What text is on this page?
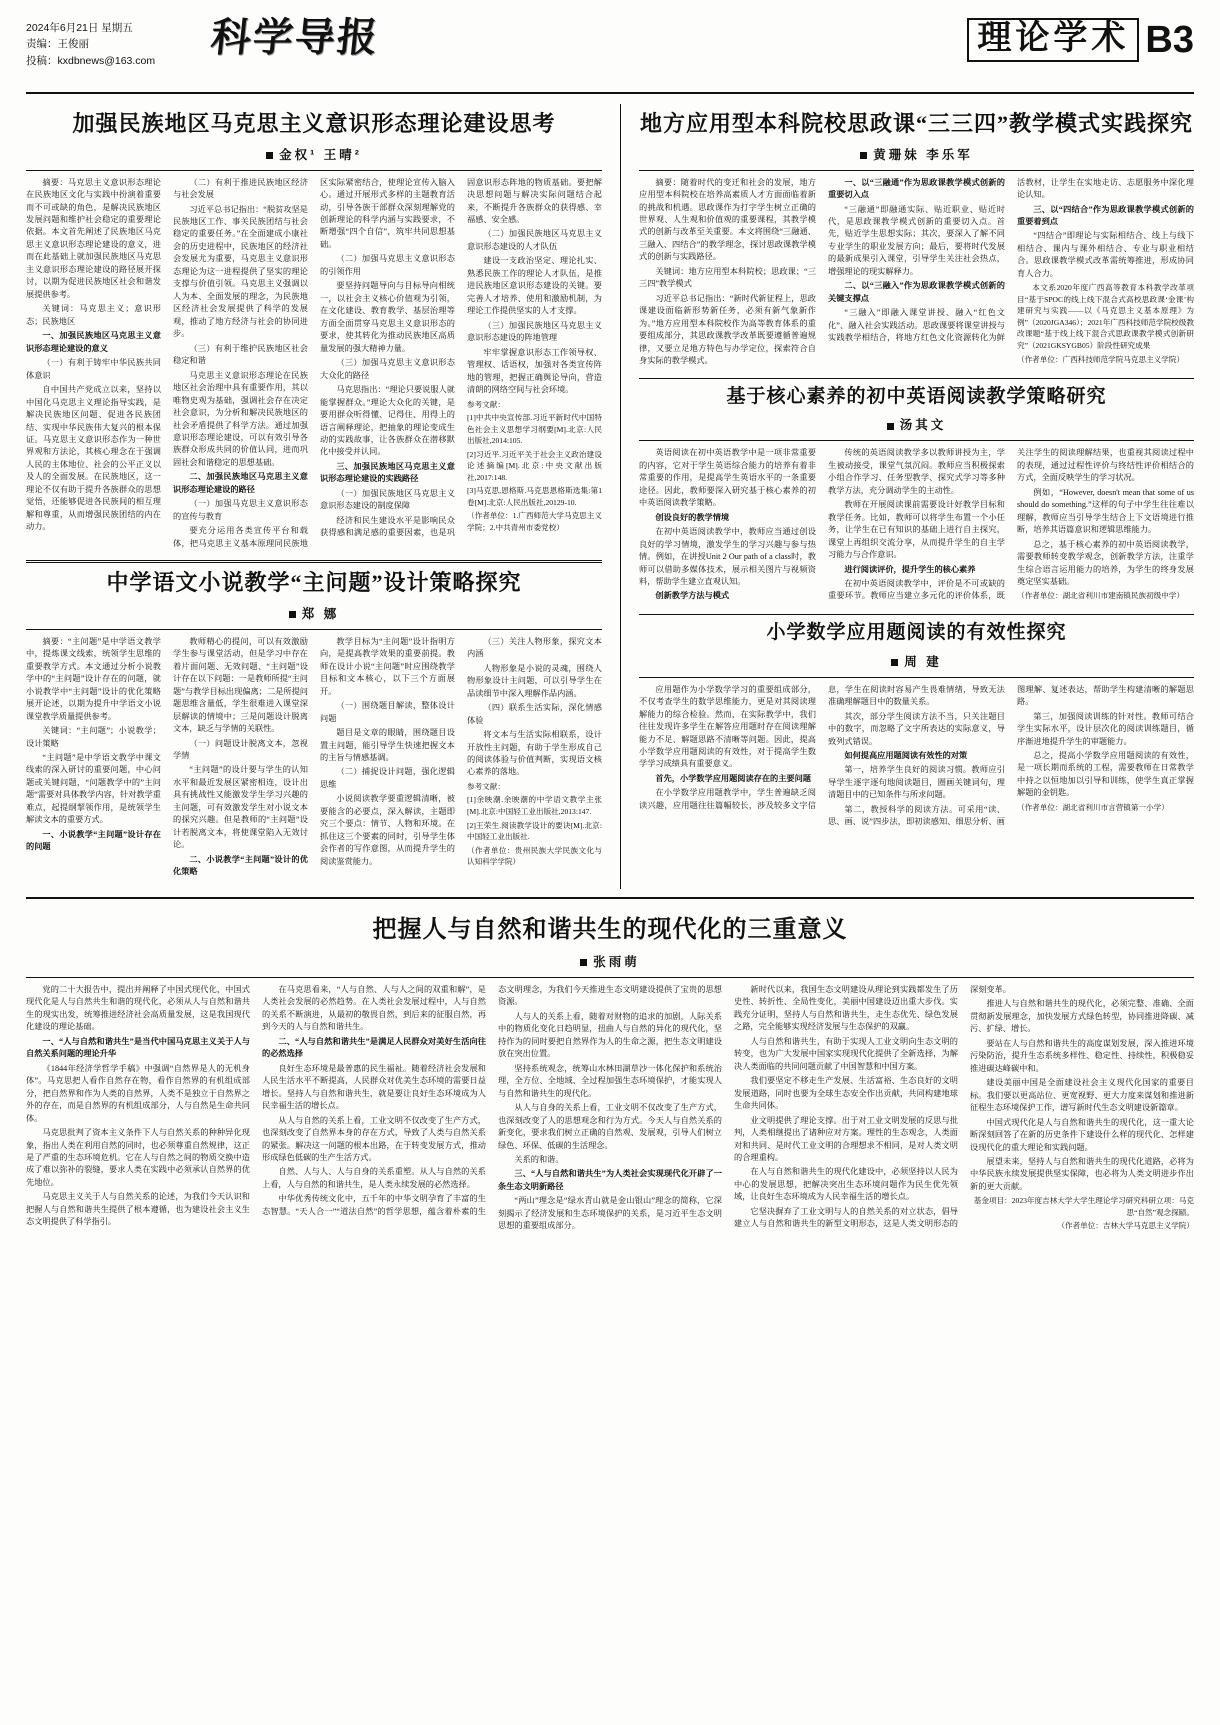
2024年6月21日 星期五
责编：王俊丽
投稿：kxdbnews@163.com
科学导报	理论学术 B3
加强民族地区马克思主义意识形态理论建设思考
金权¹ 王晴²

摘要：马克思主义意识形态理论在民族地区文化与实践中扮演着重要而不可或缺的角色，是解决民族地区发展问题和维护社会稳定的重要理论依据。本文首先阐述了民族地区马克思主义意识形态理论建设的意义，进而在此基础上就加强民族地区马克思主义意识形态理论建设的路径展开探讨，以期为促进民族地区社会和谐发展提供参考。

关键词：马克思主义；意识形态；民族地区

一、加强民族地区马克思主义意识形态理论建设的意义

（一）有利于铸牢中华民族共同体意识

自中国共产党成立以来，坚持以中国化马克思主义理论指导实践，是解决民族地区问题、促进各民族团结、实现中华民族伟大复兴的根本保证。马克思主义意识形态作为一种世界观和方法论，其核心理念在于强调人民的主体地位、社会的公平正义以及人的全面发展。在民族地区，这一理论不仅有助于提升各族群众的思想觉悟，还能够促进各民族间的相互理解和尊重，从而增强民族团结的内在动力。

（二）有利于推进民族地区经济与社会发展

习近平总书记指出：“脱贫攻坚是民族地区工作、事关民族团结与社会稳定的重要任务。”在全面建成小康社会的历史进程中，民族地区的经济社会发展尤为重要，马克思主义意识形态理论为这一进程提供了坚实的理论支撑与价值引领。马克思主义强调以人为本、全面发展的理念，为民族地区经济社会发展提供了科学的发展观，推动了地方经济与社会的协同进步。

（三）有利于维护民族地区社会稳定和谐

马克思主义意识形态理论在民族地区社会治理中具有重要作用，其以唯物史观为基础，强调社会存在决定社会意识，为分析和解决民族地区的社会矛盾提供了科学方法。通过加强意识形态理论建设，可以有效引导各族群众形成共同的价值认同，进而巩固社会和谐稳定的思想基础。

二、加强民族地区马克思主义意识形态理论建设的路径

（一）加强马克思主义意识形态的宣传与教育

要充分运用各类宣传平台和载体，把马克思主义基本原理同民族地区实际紧密结合，使理论宣传入脑入心。通过开展形式多样的主题教育活动，引导各族干部群众深刻理解党的创新理论的科学内涵与实践要求，不断增强“四个自信”，筑牢共同思想基础。

（二）加强马克思主义意识形态的引领作用

要坚持问题导向与目标导向相统一，以社会主义核心价值观为引领，在文化建设、教育教学、基层治理等方面全面贯穿马克思主义意识形态的要求，使其转化为推动民族地区高质量发展的强大精神力量。

（三）加强马克思主义意识形态大众化的路径

马克思指出：“理论只要说服人就能掌握群众。”理论大众化的关键，是要用群众听得懂、记得住、用得上的语言阐释理论，把抽象的理论变成生动的实践故事，让各族群众在潜移默化中接受并认同。

三、加强民族地区马克思主义意识形态理论建设的实践路径

（一）加强民族地区马克思主义意识形态建设的制度保障

经济和民生建设水平是影响民众获得感和满足感的重要因素，也是巩固意识形态阵地的物质基础。要把解决思想问题与解决实际问题结合起来，不断提升各族群众的获得感、幸福感、安全感。

（二）加强民族地区马克思主义意识形态建设的人才队伍

建设一支政治坚定、理论扎实、熟悉民族工作的理论人才队伍，是推进民族地区意识形态建设的关键。要完善人才培养、使用和激励机制，为理论工作提供坚实的人才支撑。

（三）加强民族地区马克思主义意识形态建设的阵地管理

牢牢掌握意识形态工作领导权、管理权、话语权，加强对各类宣传阵地的管理，把握正确舆论导向，营造清朗的网络空间与社会环境。

参考文献：

[1]中共中央宣传部.习近平新时代中国特色社会主义思想学习纲要[M].北京:人民出版社,2014:105.

[2]习近平.习近平关于社会主义政治建设论述摘编[M].北京:中央文献出版社,2017:148.

[3]马克思,恩格斯.马克思恩格斯选集:第1卷[M].北京:人民出版社,20129-10.

（作者单位：1.广西师范大学马克思主义学院；2.中共青州市委党校）

中学语文小说教学“主问题”设计策略探究
郑 娜

摘要：“主问题”是中学语文教学中，提炼课文线索，统领学生思维的重要教学方式。本文通过分析小说教学中的“主问题”设计存在的问题，就小说教学中“主问题”设计的优化策略展开论述，以期为提升中学语文小说课堂教学质量提供参考。

关键词：“主问题”；小说教学；设计策略

“主问题”是中学语文教学中课文线索的深入研讨的重要问题，中心问题或关键问题，“问题教学中的”主问题“需要对具体教学内容，针对教学重难点，起提纲挈领作用，是统领学生解读文本的重要方式。

一、小说教学“主问题”设计存在的问题

教师精心的提问，可以有效激励学生参与课堂活动，但是学习中存在着片面问题、无效问题、“主问题”设计存在以下问题：一是教师所提“主问题”与教学目标出现偏离；二是所提问题思维含量低，学生很难进入课堂深层解读的情境中；三是问题设计脱离文本，缺乏与学情的关联性。

（一）问题设计脱离文本，忽视学情

“主问题”的设计要与学生的认知水平和最近发展区紧密相连，设计出具有挑战性又能激发学生学习兴趣的主问题，可有效激发学生对小说文本的探究兴趣。但是教师的“主问题”设计若脱离文本，将使课堂陷入无效讨论。

二、小说教学“主问题”设计的优化策略

教学目标为“主问题”设计指明方向，是提高教学效果的重要前提。教师在设计小说“主问题”时应围绕教学目标和文本核心，以下三个方面展开。

（一）围绕题目解读，整体设计问题

题目是文章的眼睛，围绕题目设置主问题，能引导学生快速把握文本的主旨与情感基调。

（二）捕捉设计问题，强化逻辑思维

小说阅读教学要重逻辑清晰，被要能含的必要点，深入解读，主题即究三个要点：情节、人物和环境。在抓住这三个要素的同时，引导学生体会作者的写作意图，从而提升学生的阅读鉴赏能力。

（三）关注人物形象，探究文本内涵

人物形象是小说的灵魂，围绕人物形象设计主问题，可以引导学生在品读细节中深入理解作品内涵。

（四）联系生活实际，深化情感体验

将文本与生活实际相联系，设计开放性主问题，有助于学生形成自己的阅读体验与价值判断，实现语文核心素养的落地。

参考文献：

[1]余映潮.余映潮的中学语文教学主张[M].北京:中国轻工业出版社,2013:147.

[2]王荣生.阅读教学设计的要诀[M].北京:中国轻工业出版社.

（作者单位：贵州民族大学民族文化与认知科学学院）

地方应用型本科院校思政课“三三四”教学模式实践探究
黄珊妹 李乐军

摘要：随着时代的变迁和社会的发展，地方应用型本科院校在培养高素质人才方面面临着新的挑战和机遇。思政课作为打字学生树立正确的世界观、人生观和价值观的重要课程，其教学模式的创新与改革至关重要。本文将围绕“三融通、三融入、四结合”的教学理念，探讨思政课教学模式的创新与实践路径。

关键词：地方应用型本科院校；思政课；“三三四”教学模式

习近平总书记指出：“新时代新征程上，思政课建设面临新形势新任务，必须有新气象新作为。”地方应用型本科院校作为高等教育体系的重要组成部分，其思政课教学改革既要遵循普遍规律，又要立足地方特色与办学定位，探索符合自身实际的教学模式。

一、以“三融通”作为思政课教学模式创新的重要切入点

“三融通”即融通实际、贴近职业、贴近时代，是思政课教学模式创新的重要切入点。首先，贴近学生思想实际；其次，要深入了解不同专业学生的职业发展方向；最后，要将时代发展的最新成果引入课堂，引导学生关注社会热点，增强理论的现实解释力。

二、以“三融入”作为思政课教学模式创新的关键支撑点

“三融入”即融入课堂讲授、融入“红色文化”、融入社会实践活动。思政课要将课堂讲授与实践教学相结合，将地方红色文化资源转化为鲜活教材，让学生在实地走访、志愿服务中深化理论认知。

三、以“四结合”作为思政课教学模式创新的重要着到点

“四结合”即理论与实际相结合、线上与线下相结合、课内与课外相结合、专业与职业相结合。思政课教学模式改革需统筹推进，形成协同育人合力。

本文系2020年度广西高等教育本科教学改革项目“基于SPOC的线上线下混合式高校思政课‘金课’构建研究与实践——以《马克思主义基本原理》为例”（2020JGA346）；2021年广西科技师范学院校级教改课题“基于线上线下混合式思政课教学模式创新研究”（2021GKSYGB05）阶段性研究成果

（作者单位：广西科技师范学院马克思主义学院）

基于核心素养的初中英语阅读教学策略研究
汤其文

英语阅读在初中英语教学中是一项非常重要的内容，它对于学生英语综合能力的培养有着非常重要的作用，是提高学生英语水平的一条重要途径。因此，教师要深入研究基于核心素养的初中英语阅读教学策略。

创设良好的教学情境

在初中英语阅读教学中，教师应当通过创设良好的学习情境，激发学生的学习兴趣与参与热情。例如，在讲授Unit 2 Our path of a class时，教师可以借助多媒体技术，展示相关图片与视频资料，帮助学生建立直观认知。

创新教学方法与模式

传统的英语阅读教学多以教师讲授为主，学生被动接受，课堂气氛沉闷。教师应当积极探索小组合作学习、任务型教学、探究式学习等多种教学方法，充分调动学生的主动性。

教师在开展阅读课前需要设计好教学目标和教学任务。比如，教师可以将学生布置一个小任务，让学生在已有知识的基础上进行自主探究，课堂上再组织交流分享，从而提升学生的自主学习能力与合作意识。

进行阅读评价，提升学生的核心素养

在初中英语阅读教学中，评价是不可或缺的重要环节。教师应当建立多元化的评价体系，既关注学生的阅读理解结果，也重视其阅读过程中的表现，通过过程性评价与终结性评价相结合的方式，全面反映学生的学习状况。

例如，“However, doesn't mean that some of us should do something.”这样的句子中学生往往难以理解，教师应当引导学生结合上下文语境进行推断，培养其语篇意识和逻辑思维能力。

总之，基于核心素养的初中英语阅读教学，需要教师转变教学观念，创新教学方法，注重学生综合语言运用能力的培养，为学生的终身发展奠定坚实基础。

（作者单位：湖北省利川市建南镇民族初级中学）

小学数学应用题阅读的有效性探究
周 建

应用题作为小学数学学习的重要组成部分，不仅考查学生的数学思维能力，更是对其阅读理解能力的综合检验。然而，在实际教学中，我们往往发现许多学生在解答应用题时存在阅读理解能力不足、解题思路不清晰等问题。因此，提高小学数学应用题阅读的有效性，对于提高学生数学学习成绩具有重要意义。

首先，小学数学应用题阅读存在的主要问题

在小学数学应用题教学中，学生普遍缺乏阅读兴趣，应用题往往篇幅较长，涉及较多文字信息，学生在阅读时容易产生畏难情绪，导致无法准确理解题目中的数量关系。

其次，部分学生阅读方法不当，只关注题目中的数字，而忽略了文字所表达的实际意义，导致列式错误。

如何提高应用题阅读有效性的对策

第一，培养学生良好的阅读习惯。教师应引导学生逐字逐句地阅读题目，圈画关键词句，理清题目中的已知条件与所求问题。

第二，教授科学的阅读方法。可采用“读、思、画、说”四步法，即初读感知、细思分析、画图理解、复述表达，帮助学生构建清晰的解题思路。

第三，加强阅读训练的针对性。教师可结合学生实际水平，设计层次化的阅读训练题目，循序渐进地提升学生的审题能力。

总之，提高小学数学应用题阅读的有效性，是一项长期而系统的工程，需要教师在日常教学中持之以恒地加以引导和训练，使学生真正掌握解题的金钥匙。

（作者单位：湖北省利川市言营镇第一小学）

把握人与自然和谐共生的现代化的三重意义
张雨萌

党的二十大报告中，提出并阐释了中国式现代化，中国式现代化是人与自然共生和谐的现代化，必须从人与自然和谐共生的现实出发，统筹推进经济社会高质量发展，这是我国现代化建设的理论基础。

一、“人与自然和谐共生”是当代中国马克思主义关于人与自然关系问题的理论升华

《1844年经济学哲学手稿》中强调“自然界是人的无机身体”。马克思把人看作自然存在物，看作自然界的有机组成部分，把自然界和作为人类的自然界，人类不是独立于自然界之外的存在，而是自然界的有机组成部分，人与自然是生命共同体。

马克思批判了资本主义条件下人与自然关系的种种异化现象，指出人类在利用自然的同时，也必须尊重自然规律，这正是了严重的生态环境危机。它在人与自然之间的物质交换中造成了难以弥补的裂缝，要求人类在实践中必须承认自然界的优先地位。

马克思主义关于人与自然关系的论述，为我们今天认识和把握人与自然和谐共生提供了根本遵循，也为建设社会主义生态文明提供了科学指引。

在马克思看来，“人与自然、人与人之间的双重和解”，是人类社会发展的必然趋势。在人类社会发展过程中，人与自然的关系不断演进，从最初的敬畏自然，到后来的征服自然，再到今天的人与自然和谐共生。

二、“人与自然和谐共生”是满足人民群众对美好生活向往的必然选择

良好生态环境是最普惠的民生福祉。随着经济社会发展和人民生活水平不断提高，人民群众对优美生态环境的需要日益增长。坚持人与自然和谐共生，就是要让良好生态环境成为人民幸福生活的增长点。

从人与自然的关系上看，工业文明不仅改变了生产方式，也深刻改变了自然界本身的存在方式，导致了人类与自然关系的紧张。解决这一问题的根本出路，在于转变发展方式，推动形成绿色低碳的生产生活方式。

自然、人与人、人与自身的关系重塑。从人与自然的关系上看，人与自然的和谐共生，是人类永续发展的必然选择。

中华优秀传统文化中，五千年的中华文明孕育了丰富的生态智慧。“天人合一”“道法自然”的哲学思想，蕴含着朴素的生态文明理念，为我们今天推进生态文明建设提供了宝贵的思想资源。

人与人的关系上看，随着对财物的追求的加剧，人际关系中的物质化变化日趋明显，扭曲人与自然的异化的现代化，坚持作为的同时要把自然界作为人的生命之源，把生态文明建设放在突出位置。

坚持系统观念，统筹山水林田湖草沙一体化保护和系统治理，全方位、全地域、全过程加强生态环境保护，才能实现人与自然和谐共生的现代化。

从人与自身的关系上看，工业文明不仅改变了生产方式，也深刻改变了人的思想观念和行为方式。今天人与自然关系的新变化，要求我们树立正确的自然观、发展观，引导人们树立绿色、环保、低碳的生活理念。

关系的和谐。

三、“人与自然和谐共生”为人类社会实现现代化开辟了一条生态文明新路径

“两山”理念是“绿水青山就是金山银山”理念的简称，它深刻揭示了经济发展和生态环境保护的关系，是习近平生态文明思想的重要组成部分。

新时代以来，我国生态文明建设从理论到实践都发生了历史性、转折性、全局性变化，美丽中国建设迈出重大步伐。实践充分证明，坚持人与自然和谐共生，走生态优先、绿色发展之路，完全能够实现经济发展与生态保护的双赢。

人与自然和谐共生，有助于实现人工业文明向生态文明的转变，也为广大发展中国家实现现代化提供了全新选择，为解决人类面临的共同问题贡献了中国智慧和中国方案。

我们要坚定不移走生产发展、生活富裕、生态良好的文明发展道路，同时也要为全球生态安全作出贡献，共同构建地球生命共同体。

业文明提供了理论支撑。出于对工业文明发展的反思与批判，人类相继提出了诸种应对方案。理性的生态观念，人类面对和共同、是时代工业文明的合理想求不相同，是对人类文明的合理重构。

在人与自然和谐共生的现代化建设中，必须坚持以人民为中心的发展思想，把解决突出生态环境问题作为民生优先领域，让良好生态环境成为人民幸福生活的增长点。

它坚决摒弃了工业文明与人的自然关系的对立状态，倡导建立人与自然和谐共生的新型文明形态，这是人类文明形态的深刻变革。

推进人与自然和谐共生的现代化，必须完整、准确、全面贯彻新发展理念，加快发展方式绿色转型，协同推进降碳、减污、扩绿、增长。

要站在人与自然和谐共生的高度谋划发展，深入推进环境污染防治，提升生态系统多样性、稳定性、持续性，积极稳妥推进碳达峰碳中和。

建设美丽中国是全面建设社会主义现代化国家的重要目标。我们要以更高站位、更宽视野、更大力度来谋划和推进新征程生态环境保护工作，谱写新时代生态文明建设新篇章。

中国式现代化是人与自然和谐共生的现代化，这一重大论断深刻回答了在新的历史条件下建设什么样的现代化、怎样建设现代化的重大理论和实践问题。

展望未来，坚持人与自然和谐共生的现代化道路，必将为中华民族永续发展提供坚实保障，也必将为人类文明进步作出新的更大贡献。

基金项目：2023年度吉林大学大学生理论学习研究科研立项：马克思“自然”观念探赜。

（作者单位：吉林大学马克思主义学院）
